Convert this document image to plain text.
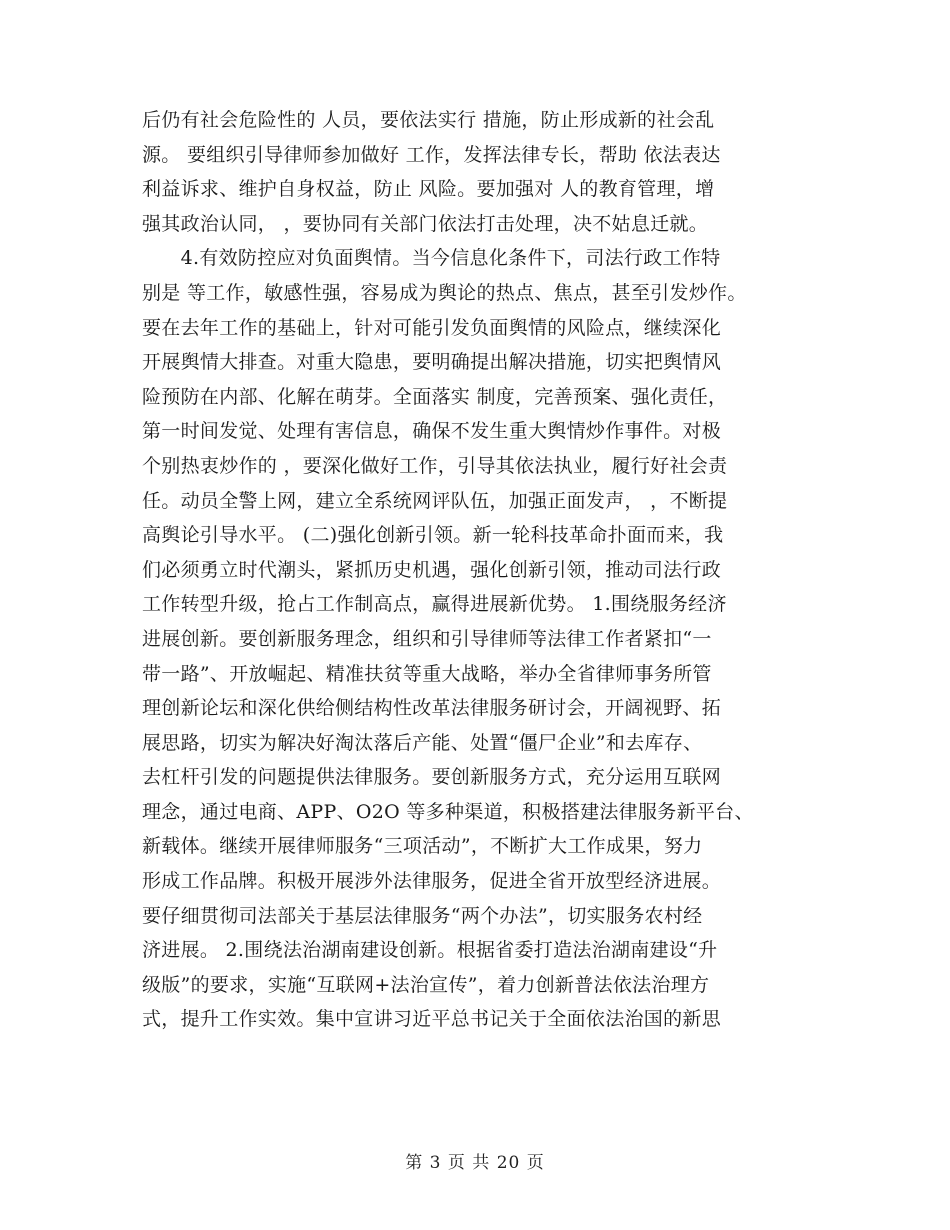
后仍有社会危险性的 人员，要依法实行 措施，防止形成新的社会乱
源。 要组织引导律师参加做好 工作，发挥法律专长，帮助 依法表达
利益诉求、维护自身权益，防止 风险。要加强对 人的教育管理，增
强其政治认同， ，要协同有关部门依法打击处理，决不姑息迁就。
　　4.有效防控应对负面舆情。当今信息化条件下，司法行政工作特
别是 等工作，敏感性强，容易成为舆论的热点、焦点，甚至引发炒作。
要在去年工作的基础上，针对可能引发负面舆情的风险点，继续深化
开展舆情大排查。对重大隐患，要明确提出解决措施，切实把舆情风
险预防在内部、化解在萌芽。全面落实 制度，完善预案、强化责任，
第一时间发觉、处理有害信息，确保不发生重大舆情炒作事件。对极
个别热衷炒作的 ，要深化做好工作，引导其依法执业，履行好社会责
任。动员全警上网，建立全系统网评队伍，加强正面发声， ，不断提
高舆论引导水平。 (二)强化创新引领。新一轮科技革命扑面而来，我
们必须勇立时代潮头，紧抓历史机遇，强化创新引领，推动司法行政
工作转型升级，抢占工作制高点，赢得进展新优势。 1.围绕服务经济
进展创新。要创新服务理念，组织和引导律师等法律工作者紧扣“一
带一路”、开放崛起、精准扶贫等重大战略，举办全省律师事务所管
理创新论坛和深化供给侧结构性改革法律服务研讨会，开阔视野、拓
展思路，切实为解决好淘汰落后产能、处置“僵尸企业”和去库存、
去杠杆引发的问题提供法律服务。要创新服务方式，充分运用互联网
理念，通过电商、APP、O2O 等多种渠道，积极搭建法律服务新平台、
新载体。继续开展律师服务“三项活动”，不断扩大工作成果，努力
形成工作品牌。积极开展涉外法律服务，促进全省开放型经济进展。
要仔细贯彻司法部关于基层法律服务“两个办法”，切实服务农村经
济进展。 2.围绕法治湖南建设创新。根据省委打造法治湖南建设“升
级版”的要求，实施“互联网+法治宣传”，着力创新普法依法治理方
式，提升工作实效。集中宣讲习近平总书记关于全面依法治国的新思
第 3 页 共 20 页
